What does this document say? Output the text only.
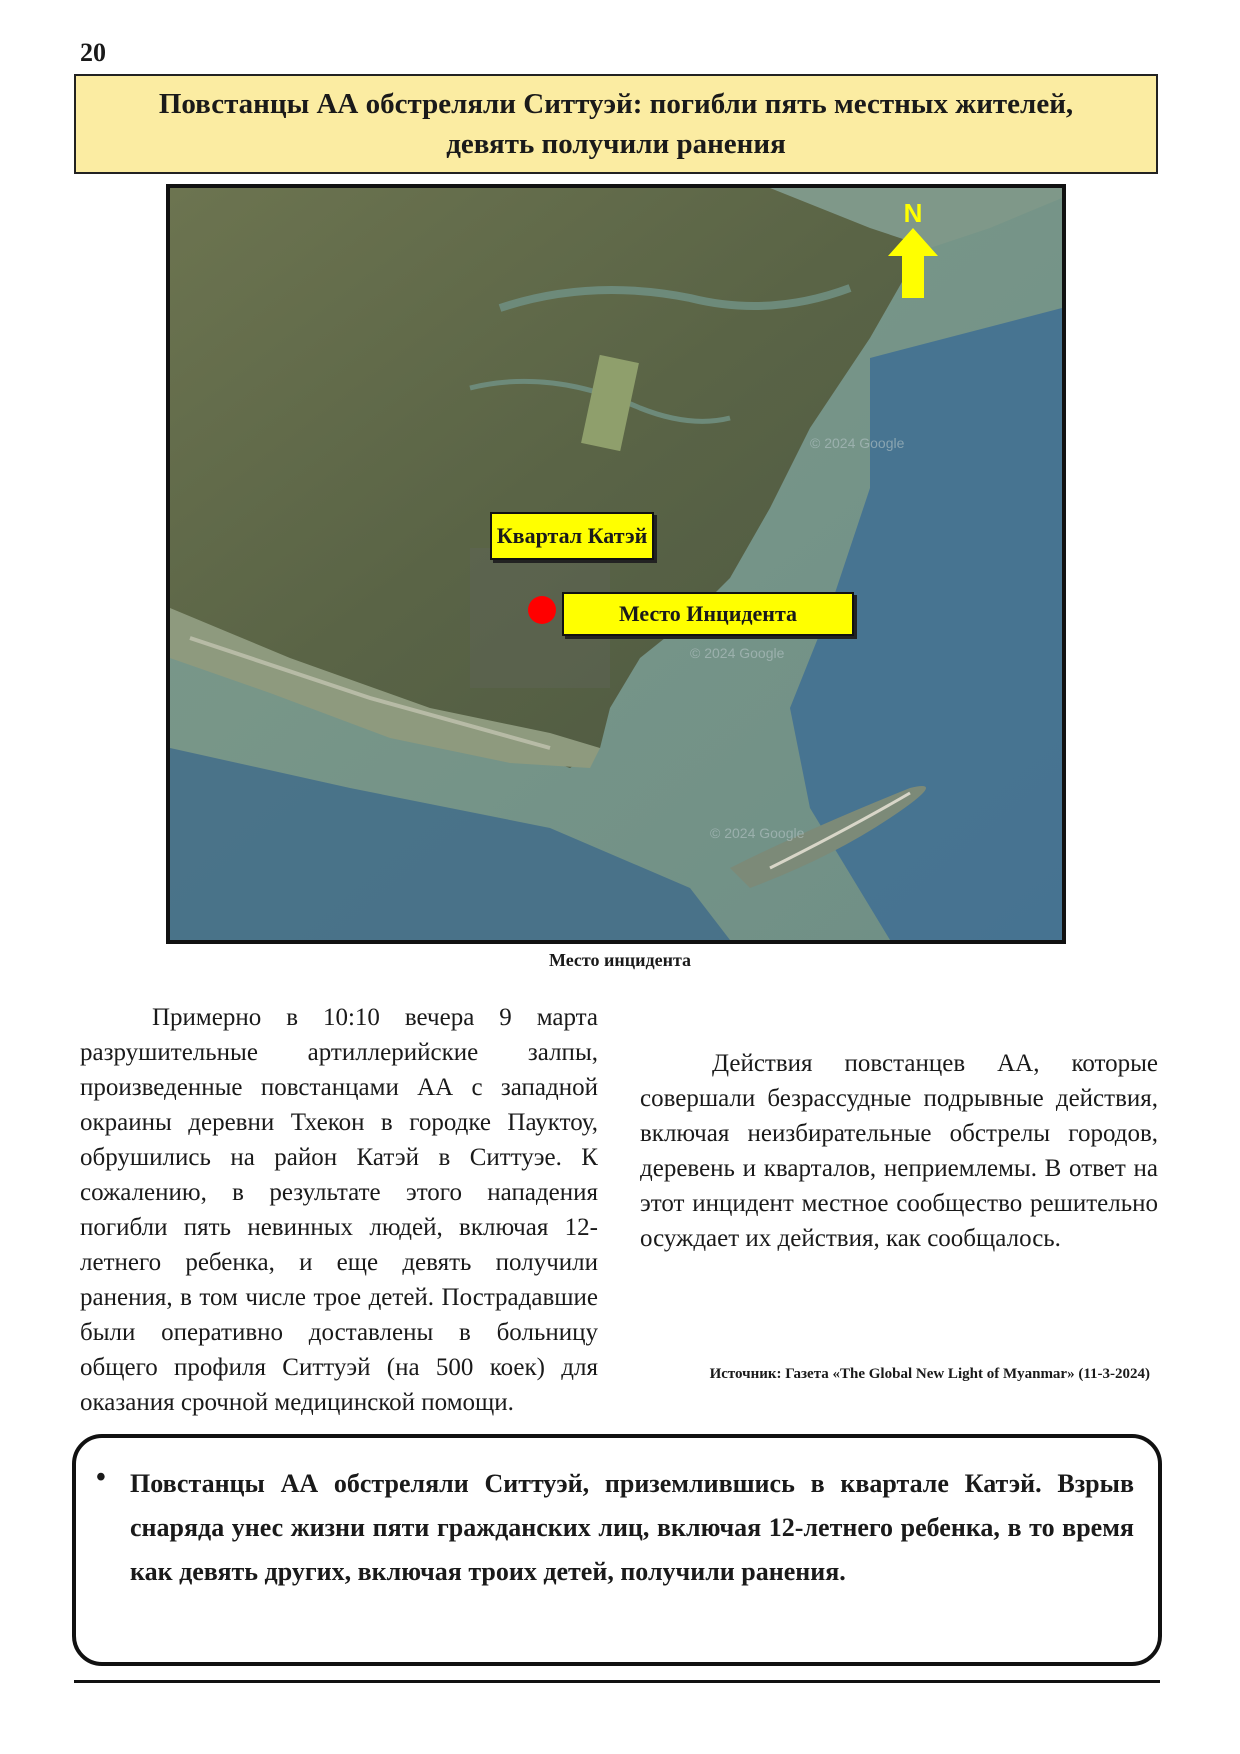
20
Повстанцы АА обстреляли Ситтуэй: погибли пять местных жителей, девять получили ранения
© 2024 Google
© 2024 Google
© 2024 Google
N
Квартал Катэй
Место Инцидента
Место инцидента

Примерно в 10:10 вечера 9 марта разрушительные артиллерийские залпы, произведенные повстанцами АА с западной окраины деревни Тхекон в городке Пауктоу, обрушились на район Катэй в Ситтуэе. К сожалению, в результате этого нападения погибли пять невинных людей, включая 12-летнего ребенка, и еще девять получили ранения, в том числе трое детей. Пострадавшие были оперативно доставлены в больницу общего профиля Ситтуэй (на 500 коек) для оказания срочной медицинской помощи.

Действия повстанцев АА, которые совершали безрассудные подрывные действия, включая неизбирательные обстрелы городов, деревень и кварталов, неприемлемы. В ответ на этот инцидент местное сообщество решительно осуждает их действия, как сообщалось.

Источник: Газета «The Global New Light of Myanmar» (11-3-2024)
• Повстанцы АА обстреляли Ситтуэй, приземлившись в квартале Катэй. Взрыв снаряда унес жизни пяти гражданских лиц, включая 12-летнего ребенка, в то время как девять других, включая троих детей, получили ранения.
